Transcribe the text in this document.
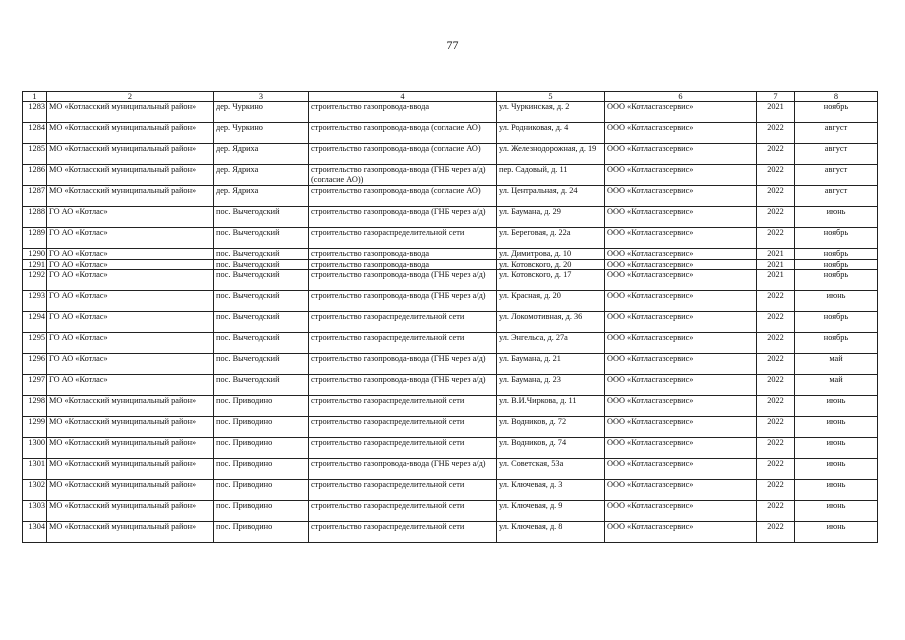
77
1	2	3	4	5	6	7	8
1283	МО «Котласский муниципальный район»	дер. Чуркино	строительство газопровода-ввода	ул. Чуркинская, д. 2	ООО «Котласгазсервис»	2021	ноябрь
1284	МО «Котласский муниципальный район»	дер. Чуркино	строительство газопровода-ввода (согласие АО)	ул. Родниковая, д. 4	ООО «Котласгазсервис»	2022	август
1285	МО «Котласский муниципальный район»	дер. Ядриха	строительство газопровода-ввода (согласие АО)	ул. Железнодорожная, д. 19	ООО «Котласгазсервис»	2022	август
1286	МО «Котласский муниципальный район»	дер. Ядриха	строительство газопровода-ввода (ГНБ через а/д) (согласие АО))	пер. Садовый, д. 11	ООО «Котласгазсервис»	2022	август
1287	МО «Котласский муниципальный район»	дер. Ядриха	строительство газопровода-ввода (согласие АО)	ул. Центральная, д. 24	ООО «Котласгазсервис»	2022	август
1288	ГО АО «Котлас»	пос. Вычегодский	строительство газопровода-ввода (ГНБ через а/д)	ул. Баумана, д. 29	ООО «Котласгазсервис»	2022	июнь
1289	ГО АО «Котлас»	пос. Вычегодский	строительство газораспределительной сети	ул. Береговая, д. 22а	ООО «Котласгазсервис»	2022	ноябрь
1290	ГО АО «Котлас»	пос. Вычегодский	строительство газопровода-ввода	ул. Димитрова, д. 10	ООО «Котласгазсервис»	2021	ноябрь
1291	ГО АО «Котлас»	пос. Вычегодский	строительство газопровода-ввода	ул. Котовского, д. 20	ООО «Котласгазсервис»	2021	ноябрь
1292	ГО АО «Котлас»	пос. Вычегодский	строительство газопровода-ввода (ГНБ через а/д)	ул. Котовского, д. 17	ООО «Котласгазсервис»	2021	ноябрь
1293	ГО АО «Котлас»	пос. Вычегодский	строительство газопровода-ввода (ГНБ через а/д)	ул. Красная, д. 20	ООО «Котласгазсервис»	2022	июнь
1294	ГО АО «Котлас»	пос. Вычегодский	строительство газораспределительной сети	ул. Локомотивная, д. 36	ООО «Котласгазсервис»	2022	ноябрь
1295	ГО АО «Котлас»	пос. Вычегодский	строительство газораспределительной сети	ул. Энгельса, д. 27а	ООО «Котласгазсервис»	2022	ноябрь
1296	ГО АО «Котлас»	пос. Вычегодский	строительство газопровода-ввода (ГНБ через а/д)	ул. Баумана, д. 21	ООО «Котласгазсервис»	2022	май
1297	ГО АО «Котлас»	пос. Вычегодский	строительство газопровода-ввода (ГНБ через а/д)	ул. Баумана, д. 23	ООО «Котласгазсервис»	2022	май
1298	МО «Котласский муниципальный район»	пос. Приводино	строительство газораспределительной сети	ул. В.И.Чиркова, д. 11	ООО «Котласгазсервис»	2022	июнь
1299	МО «Котласский муниципальный район»	пос. Приводино	строительство газораспределительной сети	ул. Водников, д. 72	ООО «Котласгазсервис»	2022	июнь
1300	МО «Котласский муниципальный район»	пос. Приводино	строительство газораспределительной сети	ул. Водников, д. 74	ООО «Котласгазсервис»	2022	июнь
1301	МО «Котласский муниципальный район»	пос. Приводино	строительство газопровода-ввода (ГНБ через а/д)	ул. Советская, 53а	ООО «Котласгазсервис»	2022	июнь
1302	МО «Котласский муниципальный район»	пос. Приводино	строительство газораспределительной сети	ул. Ключевая, д. 3	ООО «Котласгазсервис»	2022	июнь
1303	МО «Котласский муниципальный район»	пос. Приводино	строительство газораспределительной сети	ул. Ключевая, д. 9	ООО «Котласгазсервис»	2022	июнь
1304	МО «Котласский муниципальный район»	пос. Приводино	строительство газораспределительной сети	ул. Ключевая, д. 8	ООО «Котласгазсервис»	2022	июнь
